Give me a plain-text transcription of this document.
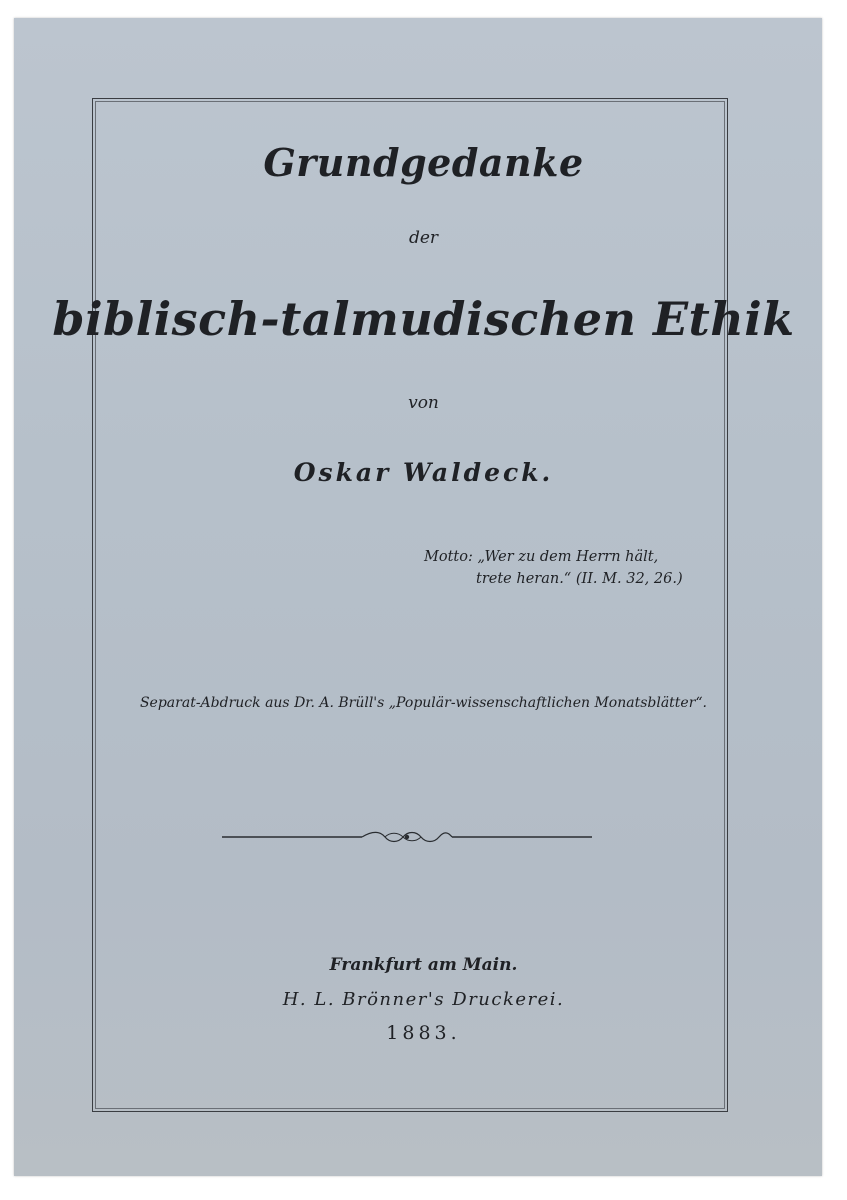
Grundgedanke
der
biblisch-talmudischen Ethik
von
Oskar Waldeck.
Motto: „Wer zu dem Herrn hält,
trete heran.“ (II. M. 32, 26.)
Separat-Abdruck aus Dr. A. Brüll's „Populär-wissenschaftlichen Monatsblätter“.
Frankfurt am Main.
H. L. Brönner's Druckerei.
1883.
